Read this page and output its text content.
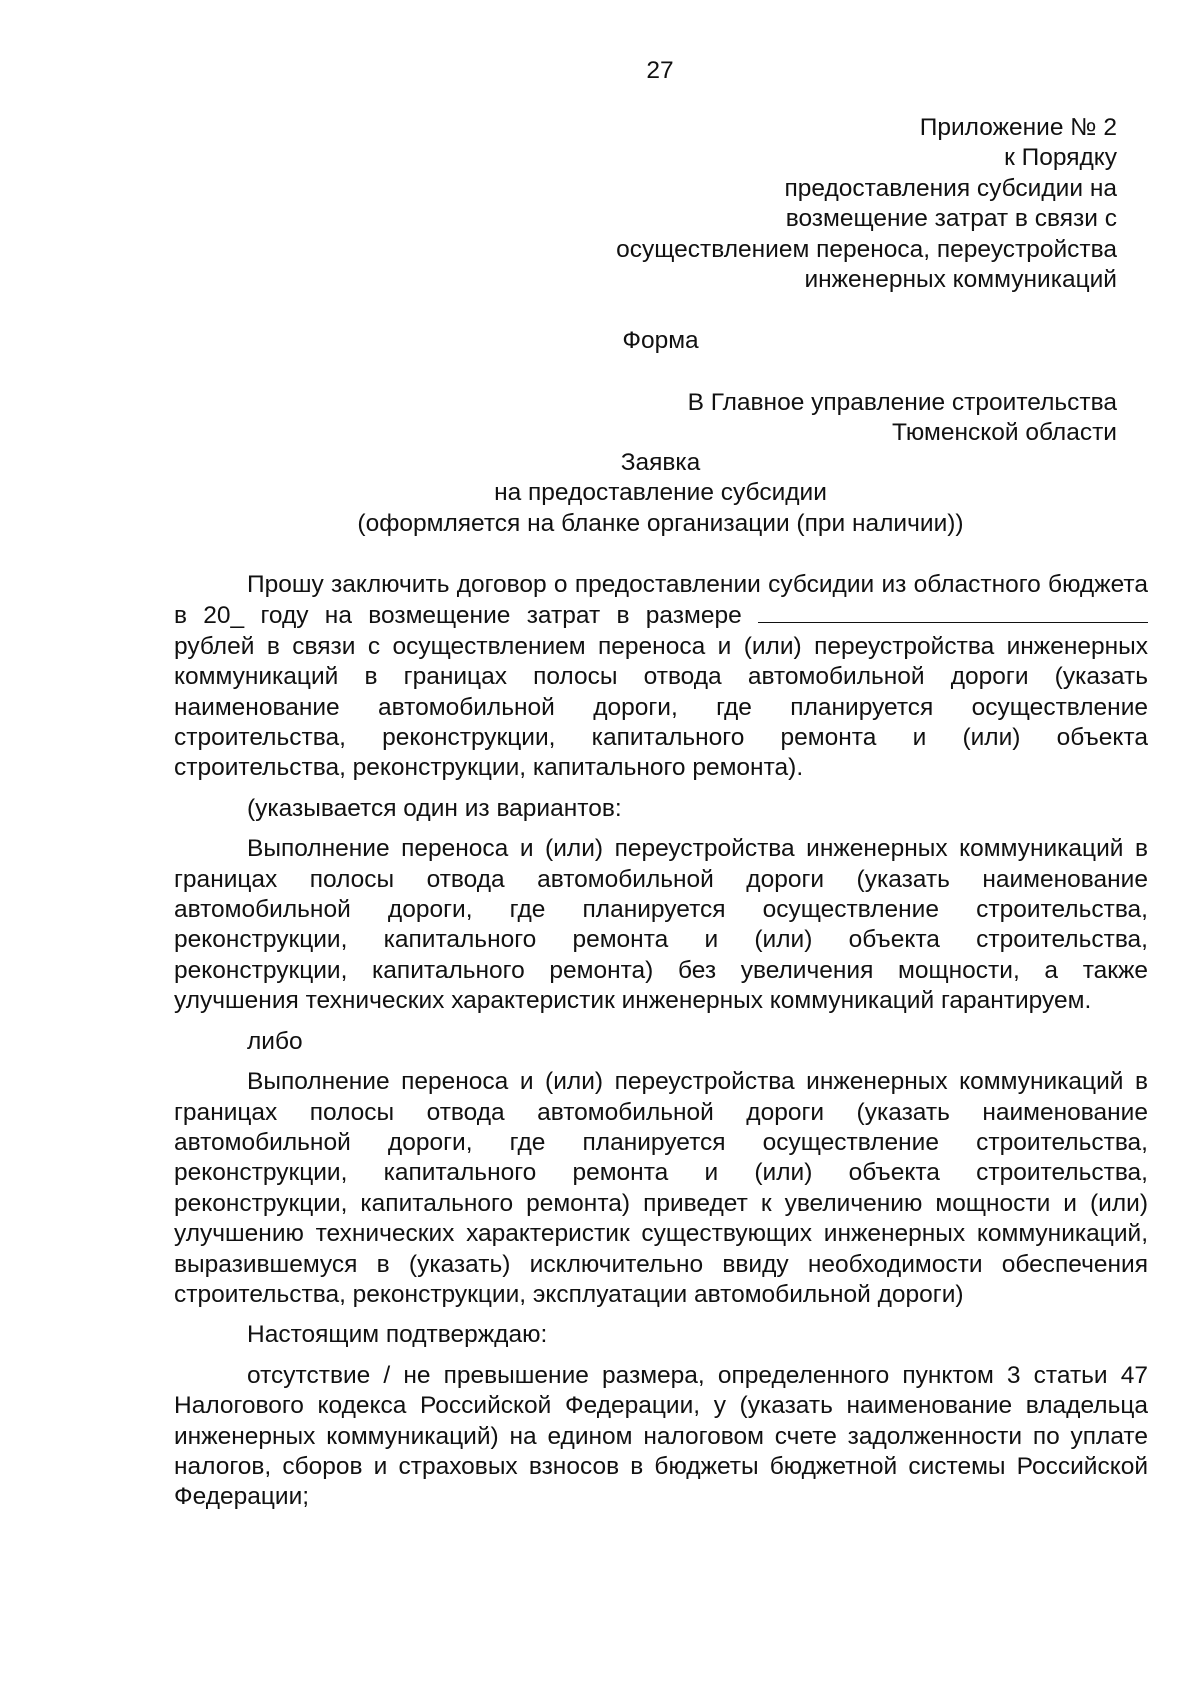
27
Приложение № 2
к Порядку
предоставления субсидии на
возмещение затрат в связи с
осуществлением переноса, переустройства
инженерных коммуникаций
Форма
В Главное управление строительства
Тюменской области
Заявка
на предоставление субсидии
(оформляется на бланке организации (при наличии))

Прошу заключить договор о предоставлении субсидии из областного бюджета в 20_ году на возмещение затрат в размере  рублей в связи с осуществлением переноса и (или) переустройства инженерных коммуникаций в границах полосы отвода автомобильной дороги (указать наименование автомобильной дороги, где планируется осуществление строительства, реконструкции, капитального ремонта и (или) объекта строительства, реконструкции, капитального ремонта).

(указывается один из вариантов:

Выполнение переноса и (или) переустройства инженерных коммуникаций в границах полосы отвода автомобильной дороги (указать наименование автомобильной дороги, где планируется осуществление строительства, реконструкции, капитального ремонта и (или) объекта строительства, реконструкции, капитального ремонта) без увеличения мощности, а также улучшения технических характеристик инженерных коммуникаций гарантируем.

либо

Выполнение переноса и (или) переустройства инженерных коммуникаций в границах полосы отвода автомобильной дороги (указать наименование автомобильной дороги, где планируется осуществление строительства, реконструкции, капитального ремонта и (или) объекта строительства, реконструкции, капитального ремонта) приведет к увеличению мощности и (или) улучшению технических характеристик существующих инженерных коммуникаций, выразившемуся в (указать) исключительно ввиду необходимости обеспечения строительства, реконструкции, эксплуатации автомобильной дороги)

Настоящим подтверждаю:

отсутствие / не превышение размера, определенного пунктом 3 статьи 47 Налогового кодекса Российской Федерации, у (указать наименование владельца инженерных коммуникаций) на едином налоговом счете задолженности по уплате налогов, сборов и страховых взносов в бюджеты бюджетной системы Российской Федерации;
